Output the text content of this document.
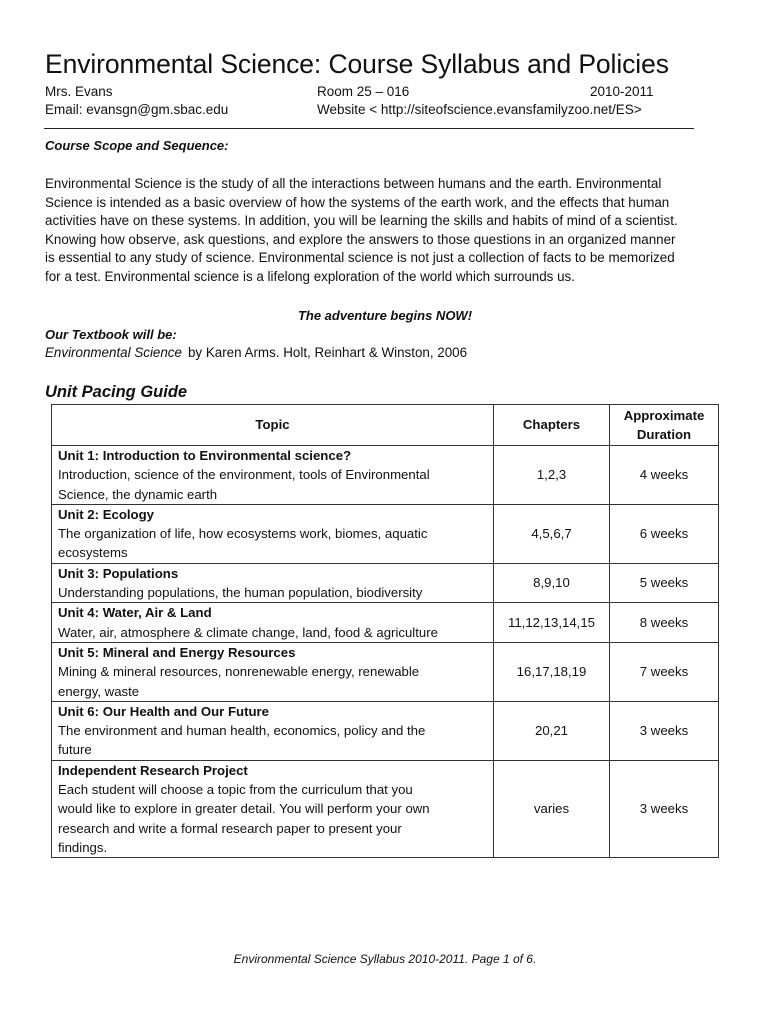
Environmental Science: Course Syllabus and Policies
Mrs. Evans	Room 25 – 016	2010-2011
Email: evansgn@gm.sbac.edu	Website < http://siteofscience.evansfamilyzoo.net/ES>
Course Scope and Sequence:
Environmental Science is the study of all the interactions between humans and the earth. Environmental
Science is intended as a basic overview of how the systems of the earth work, and the effects that human
activities have on these systems. In addition, you will be learning the skills and habits of mind of a scientist.
Knowing how observe, ask questions, and explore the answers to those questions in an organized manner
is essential to any study of science. Environmental science is not just a collection of facts to be memorized
for a test. Environmental science is a lifelong exploration of the world which surrounds us.
The adventure begins NOW!
Our Textbook will be:
Environmental Science by Karen Arms. Holt, Reinhart & Winston, 2006
Unit Pacing Guide
Topic	Chapters	Approximate
Duration

Unit 1: Introduction to Environmental science?
Introduction, science of the environment, tools of Environmental
Science, the dynamic earth	1,2,3	4 weeks

Unit 2: Ecology
The organization of life, how ecosystems work, biomes, aquatic
ecosystems	4,5,6,7	6 weeks

Unit 3: Populations
Understanding populations, the human population, biodiversity	8,9,10	5 weeks

Unit 4: Water, Air & Land
Water, air, atmosphere & climate change, land, food & agriculture	11,12,13,14,15	8 weeks

Unit 5: Mineral and Energy Resources
Mining & mineral resources, nonrenewable energy, renewable
energy, waste	16,17,18,19	7 weeks

Unit 6: Our Health and Our Future
The environment and human health, economics, policy and the
future	20,21	3 weeks

Independent Research Project
Each student will choose a topic from the curriculum that you
would like to explore in greater detail. You will perform your own
research and write a formal research paper to present your
findings.	varies	3 weeks
Environmental Science Syllabus 2010-2011. Page 1 of 6.
